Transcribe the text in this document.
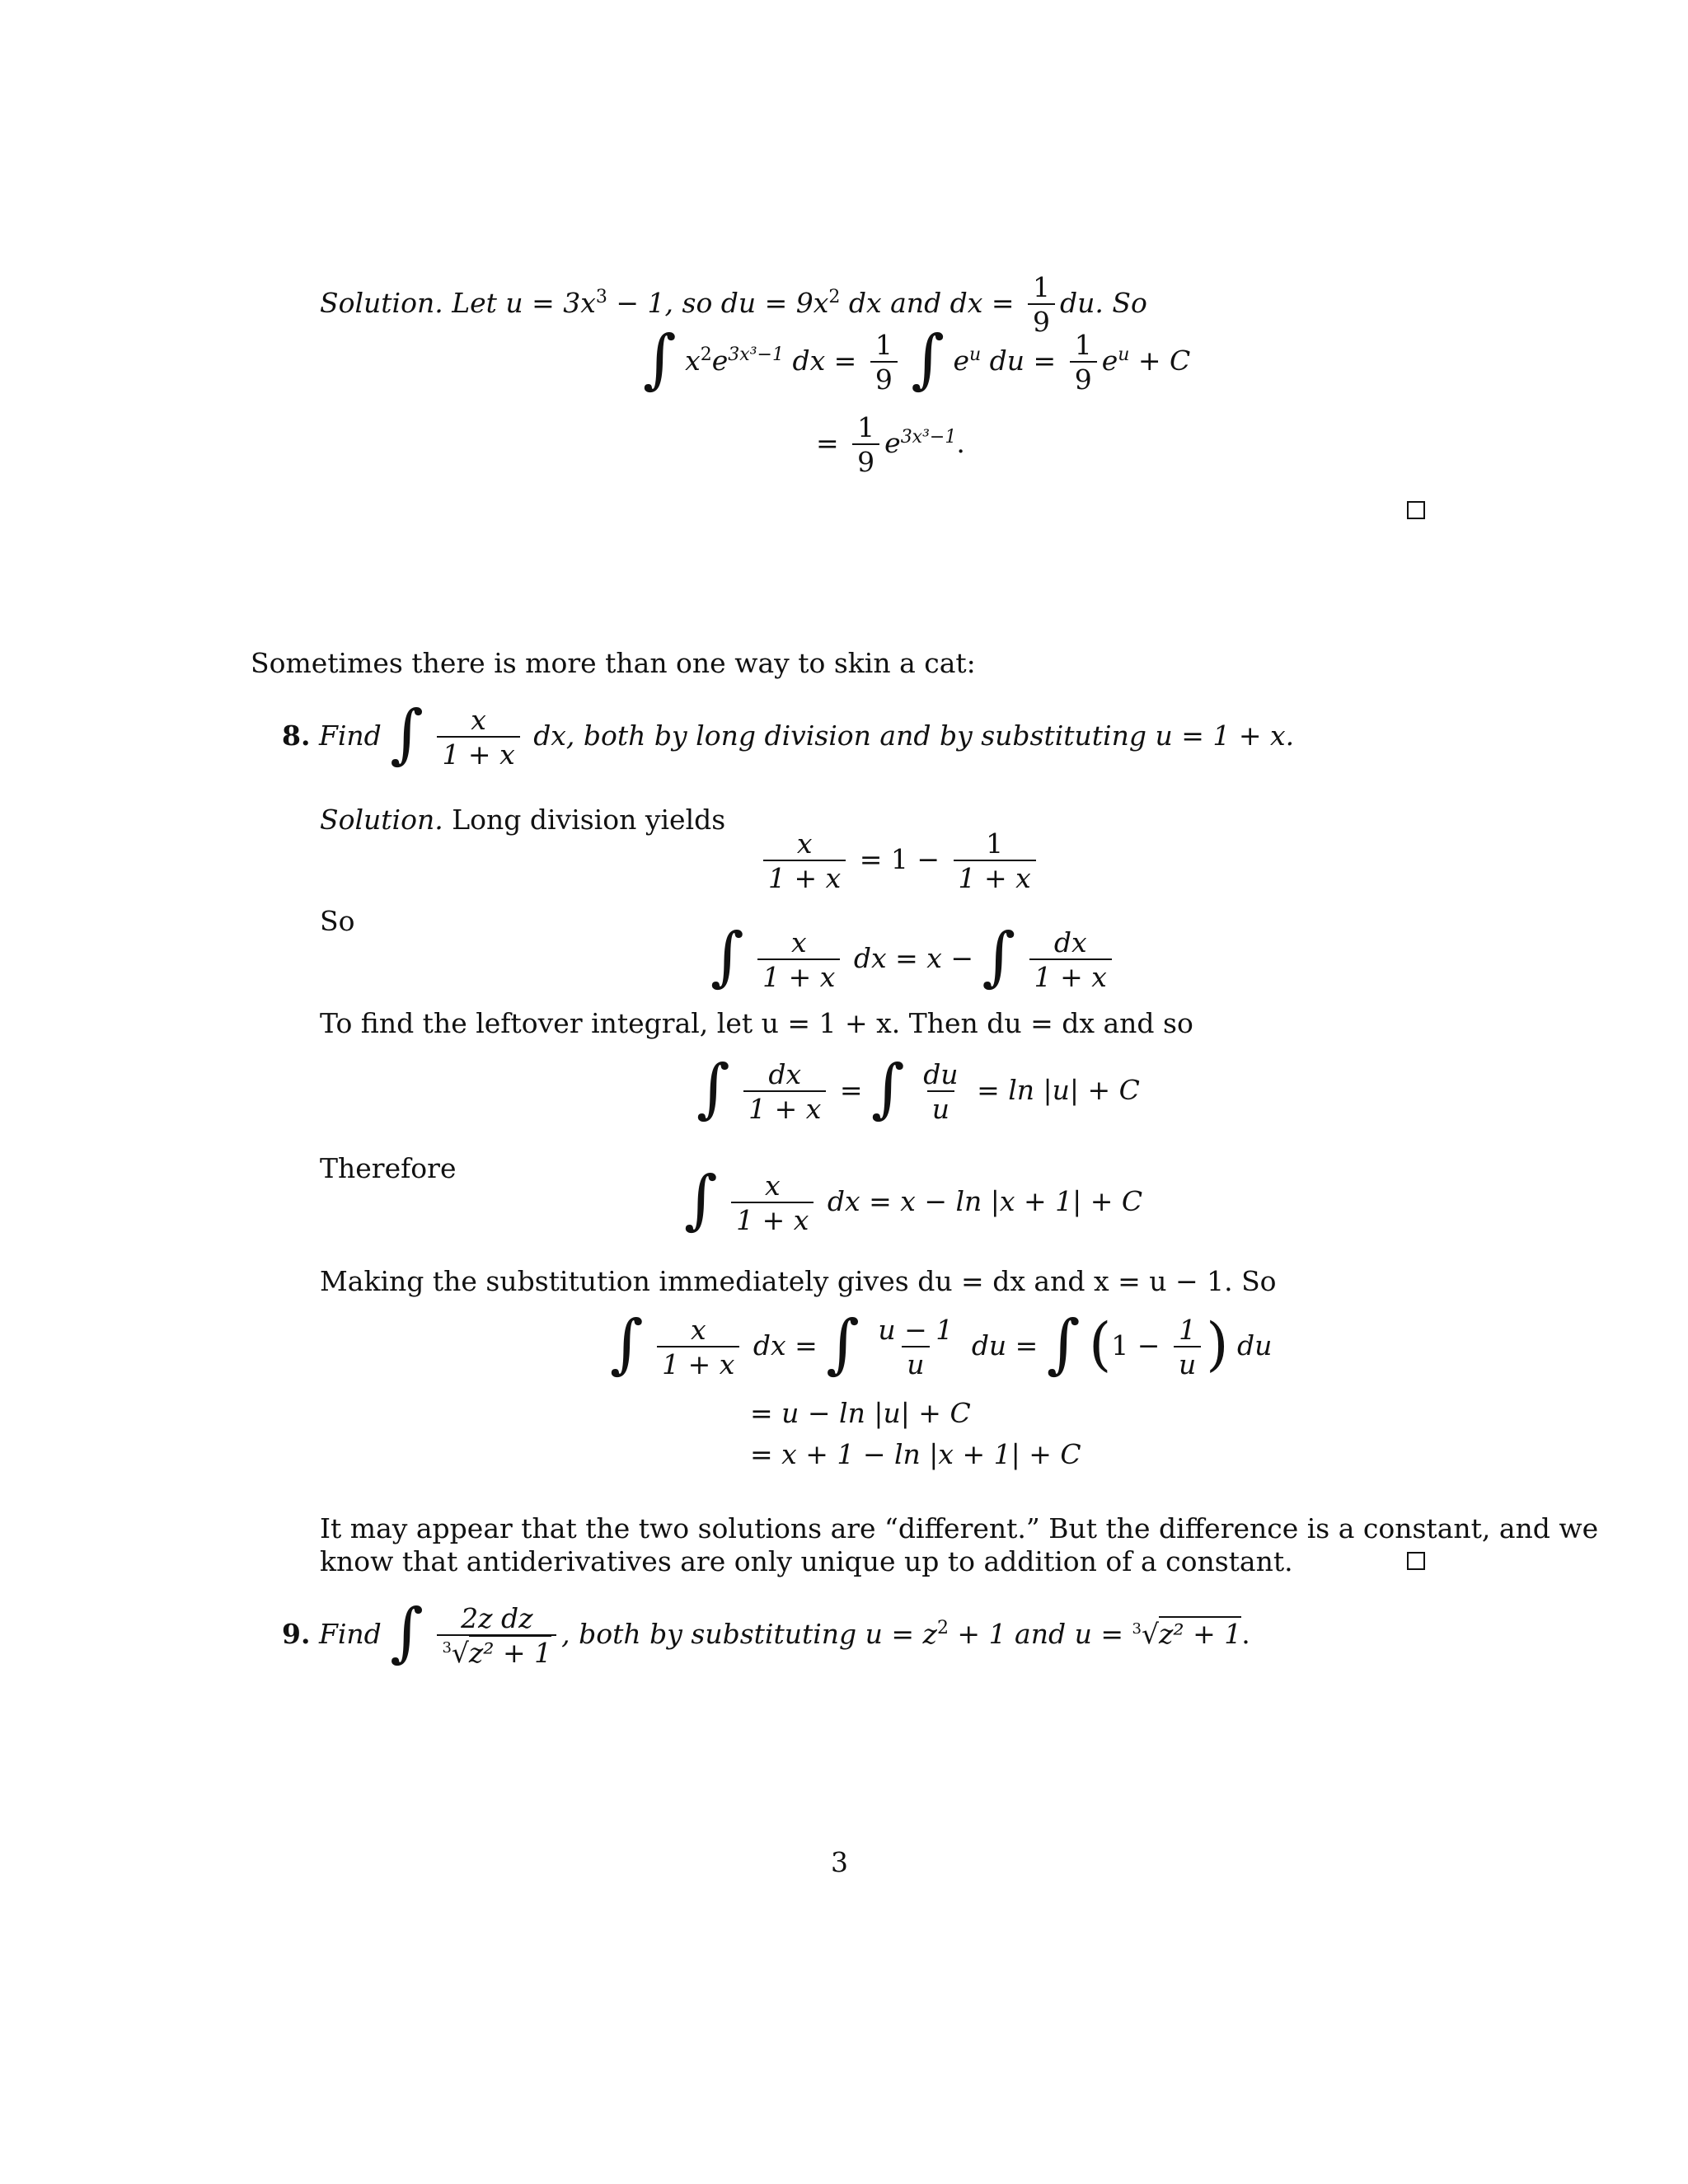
Solution. Let $u = 3x^3 - 1$, so du = $9x^2$ dx and dx = $\frac{1}{9}$ du. So
∫ $x^2e^{3x^3-1}$ dx = $\frac{1}{9}$ ∫ $e^u$ du = $\frac{1}{9} e^u + C$
= $\frac{1}{9} e^{3x^3-1}$.
Sometimes there is more than one way to skin a cat:
8. Find ∫ $\frac{x}{1 + x}$ dx, both by long division and by substituting u = 1 + x.
Solution. Long division yields
$\frac{x}{1 + x} = 1 - \frac{1}{1 + x}$
So	∫ $\frac{x}{1 + x}$ dx = x − ∫ $\frac{dx}{1 + x}$
To find the leftover integral, let u = 1 + x. Then du = dx and so
∫ $\frac{dx}{1 + x}$ = ∫ $\frac{du}{u} = \ln |u| + C$
Therefore	∫ $\frac{x}{1 + x}$ dx = x − ln |x + 1| + C
Making the substitution immediately gives du = dx and x = u − 1. So
∫ $\frac{x}{1 + x}$ dx = ∫ $\frac{u - 1}{u}$ du = ∫ ($1 - \frac{1}{u}$ ) du
= u − ln |u| + C
= x + 1 − ln |x + 1| + C
It may appear that the two solutions are “different.” But the difference is a constant, and we
know that antiderivatives are only unique up to addition of a constant.
9. Find ∫ $\frac{\text{2z dz}}{^3√z^2 + 1}$ , both by substituting $u = z^2 + 1$ and u = $^3$√z² + 1.
3
